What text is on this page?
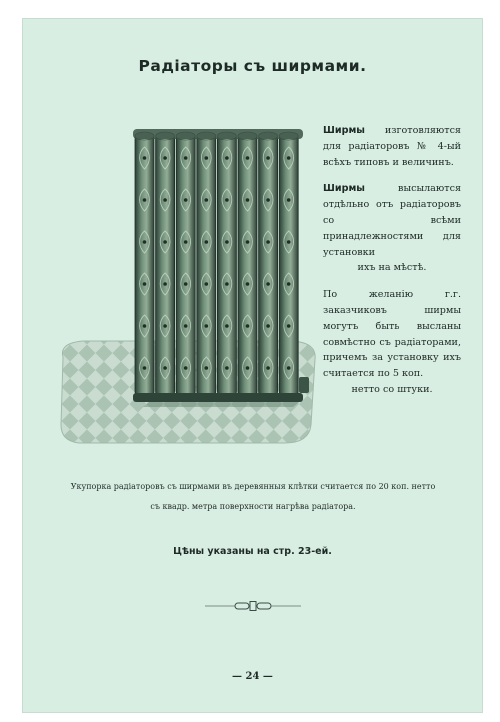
Радіаторы съ ширмами.

Ширмы изготовляются для радіаторовъ № 4-ый всѣхъ типовъ и величинъ.

Ширмы	высылаются отдѣльно отъ радіаторовъ со всѣми принадлежностями для установки
ихъ на мѣстѣ.

По желанію г.г. заказчиковъ ширмы могутъ быть высланы совмѣстно съ радіаторами, причемъ за установку ихъ считается по 5 коп.
нетто со штуки.

Укупорка радіаторовъ съ ширмами въ деревянныя клѣтки считается по 20 коп. нетто
съ квадр. метра поверхности нагрѣва радіатора.
Цѣны указаны на стр. 23-ей.
— 24 —
